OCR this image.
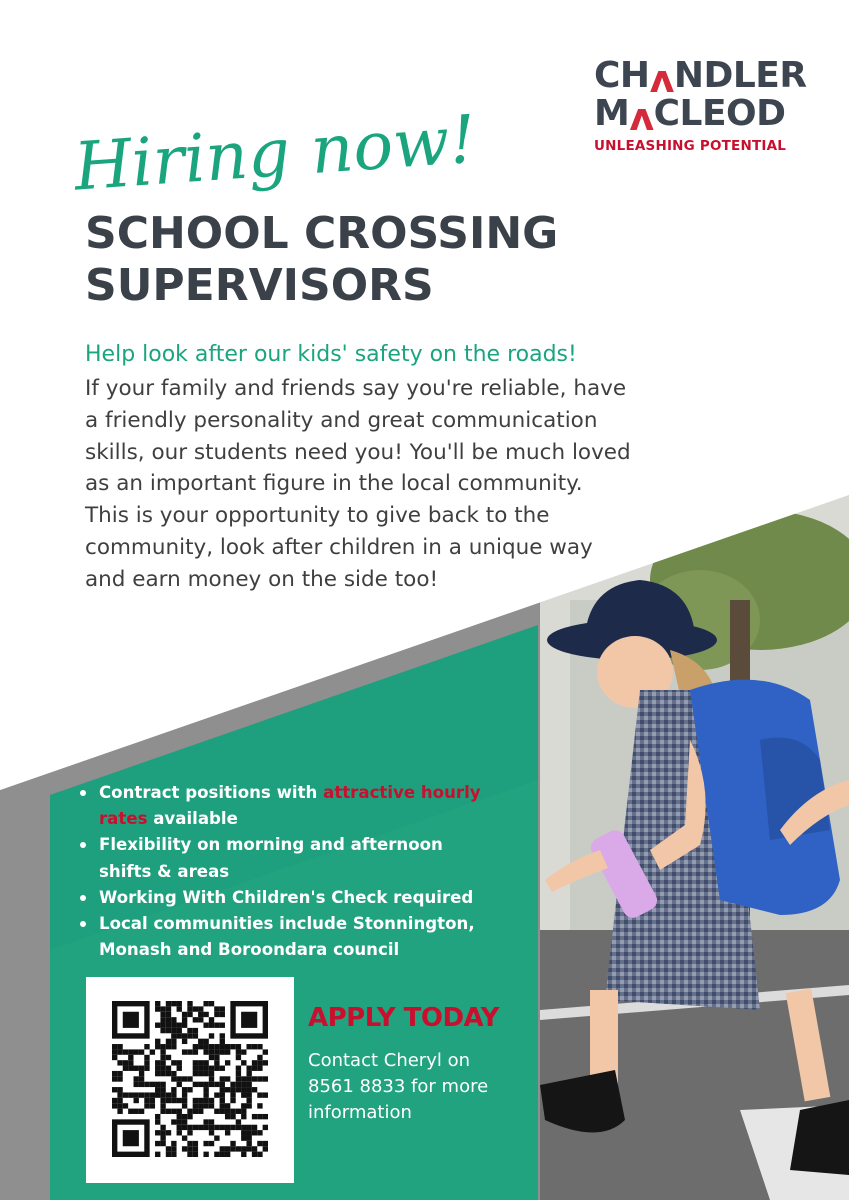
CH ʌ NDLER
M ʌ CLEOD
UNLEASHING POTENTIAL
Hiring now!
SCHOOL CROSSING
SUPERVISORS
Help look after our kids' safety on the roads!
If your family and friends say you're reliable, have
a friendly personality and great communication
skills, our students need you! You'll be much loved
as an important figure in the local community.
This is your opportunity to give back to the
community, look after children in a unique way
and earn money on the side too!
Contract positions with attractive hourly
rates available
Flexibility on morning and afternoon
shifts & areas
Working With Children's Check required
Local communities include Stonnington,
Monash and Boroondara council
APPLY TODAY
Contact Cheryl on
8561 8833 for more
information
